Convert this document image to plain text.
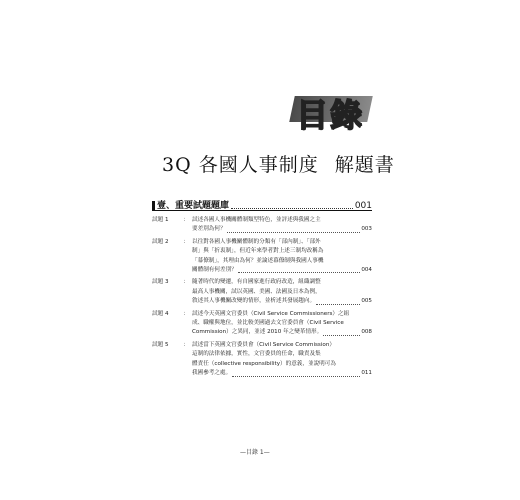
目錄
3Q 各國人事制度 解題書
壹、重要試題題庫	001
試題 1	： 試述各國人事機關體制類型特色，並評述與我國之主
要差別為何？	003
試題 2	： 以往對各國人事機關體制的分類有「部內制」、「部外
制」與「折衷制」，但近年來學者對上述三制均改稱為
「幕僚制」，其理由為何？並論述幕僚制與我國人事機
關體制有何差別？	004
試題 3	： 隨著時代的變遷，有自國家進行政府改造，組織調整
最高人事機關，試以英國、美國、法國及日本為例，
敘述其人事機關改變的情形，並析述其發展趨向。	005
試題 4	： 試述今天英國文官委員（Civil Service Commissioners）之組
成、職權與地位，並比較美國過去文官委員會（Civil Service
Commission）之異同，並述 2010 年之變革情形。	008
試題 5	： 試述當下英國文官委員會（Civil Service Commission）
這制的法律依據，實性，文官委員的任命，職責及集
體責任（collective responsibility）的意義，並說明可為
我國參考之處。	011
—目錄 1—
